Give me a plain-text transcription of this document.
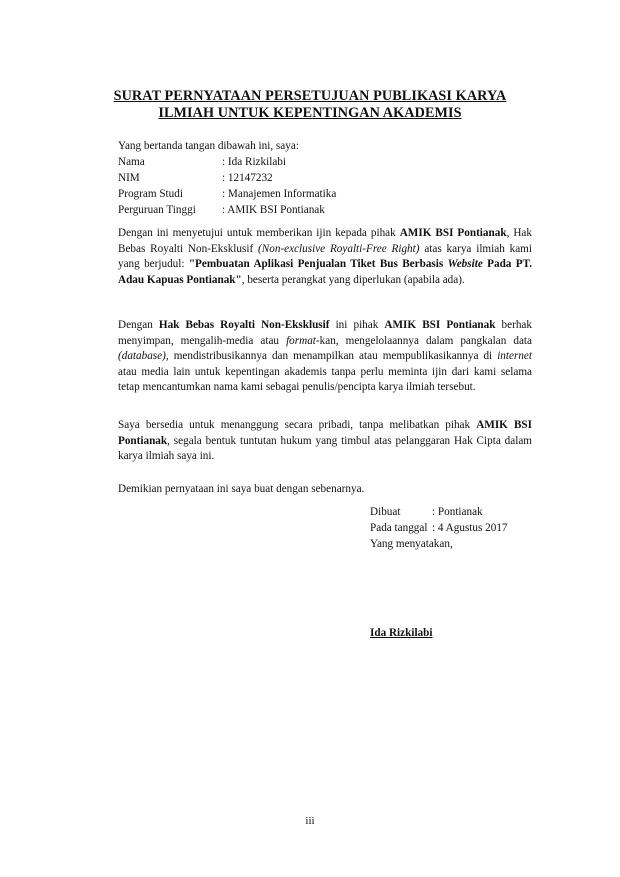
SURAT PERNYATAAN PERSETUJUAN PUBLIKASI KARYA
ILMIAH UNTUK KEPENTINGAN AKADEMIS
Yang bertanda tangan dibawah ini, saya:
Nama	: Ida Rizkilabi
NIM	: 12147232
Program Studi	: Manajemen Informatika
Perguruan Tinggi : AMIK BSI Pontianak
Dengan ini menyetujui untuk memberikan ijin kepada pihak AMIK BSI Pontianak, Hak Bebas Royalti Non-Eksklusif (Non-exclusive Royalti-Free Right) atas karya ilmiah kami yang berjudul: "Pembuatan Aplikasi Penjualan Tiket Bus Berbasis Website Pada PT. Adau Kapuas Pontianak", beserta perangkat yang diperlukan (apabila ada).
Dengan Hak Bebas Royalti Non-Eksklusif ini pihak AMIK BSI Pontianak berhak menyimpan, mengalih-media atau format-kan, mengelolaannya dalam pangkalan data (database), mendistribusikannya dan menampilkan atau mempublikasikannya di internet atau media lain untuk kepentingan akademis tanpa perlu meminta ijin dari kami selama tetap mencantumkan nama kami sebagai penulis/pencipta karya ilmiah tersebut.
Saya bersedia untuk menanggung secara pribadi, tanpa melibatkan pihak AMIK BSI Pontianak, segala bentuk tuntutan hukum yang timbul atas pelanggaran Hak Cipta dalam karya ilmiah saya ini.
Demikian pernyataan ini saya buat dengan sebenarnya.
Dibuat	: Pontianak
Pada tanggal : 4 Agustus 2017
Yang menyatakan,
Ida Rizkilabi
iii
